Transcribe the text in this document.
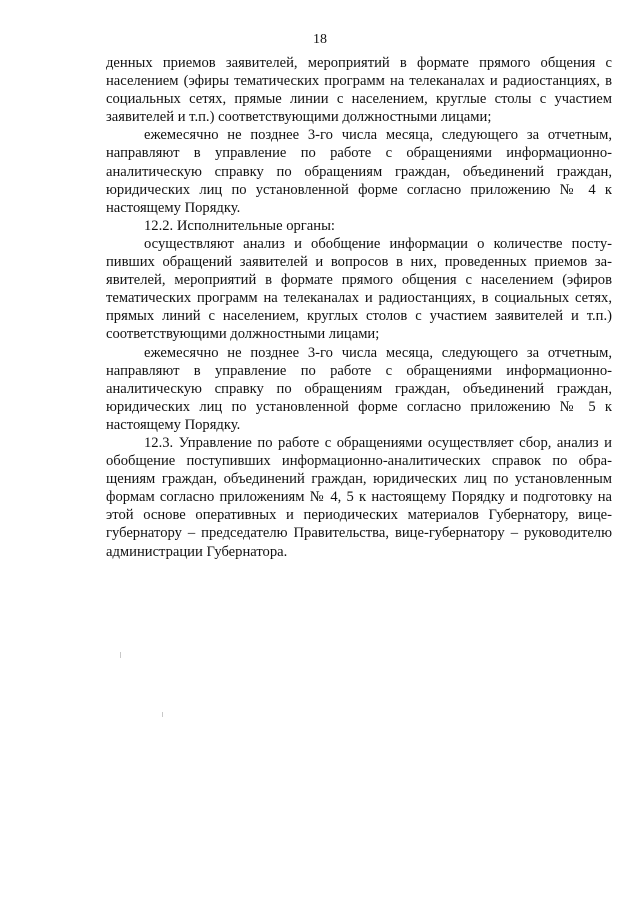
18

денных приемов заявителей, мероприятий в формате прямого общения с населением (эфиры тематических программ на телеканалах и радиостанциях, в социальных сетях, прямые линии с населением, круглые столы с участием заявителей и т.п.) соответствующими должностными лицами;

ежемесячно не позднее 3-го числа месяца, следующего за отчетным, направляют в управление по работе с обращениями информационно-аналитическую справку по обращениям граждан, объединений граждан, юридических лиц по установленной форме согласно приложению № 4 к настоящему Порядку.

12.2. Исполнительные органы:

осуществляют анализ и обобщение информации о количестве поступивших обращений заявителей и вопросов в них, проведенных приемов заявителей, мероприятий в формате прямого общения с населением (эфиров тематических программ на телеканалах и радиостанциях, в социальных сетях, прямых линий с населением, круглых столов с участием заявителей и т.п.) соответствующими должностными лицами;

ежемесячно не позднее 3-го числа месяца, следующего за отчетным, направляют в управление по работе с обращениями информационно-аналитическую справку по обращениям граждан, объединений граждан, юридических лиц по установленной форме согласно приложению № 5 к настоящему Порядку.

12.3. Управление по работе с обращениями осуществляет сбор, анализ и обобщение поступивших информационно-аналитических справок по обращениям граждан, объединений граждан, юридических лиц по установленным формам согласно приложениям № 4, 5 к настоящему Порядку и подготовку на этой основе оперативных и периодических материалов Губернатору, вице-губернатору – председателю Правительства, вице-губернатору – руководителю администрации Губернатора.
